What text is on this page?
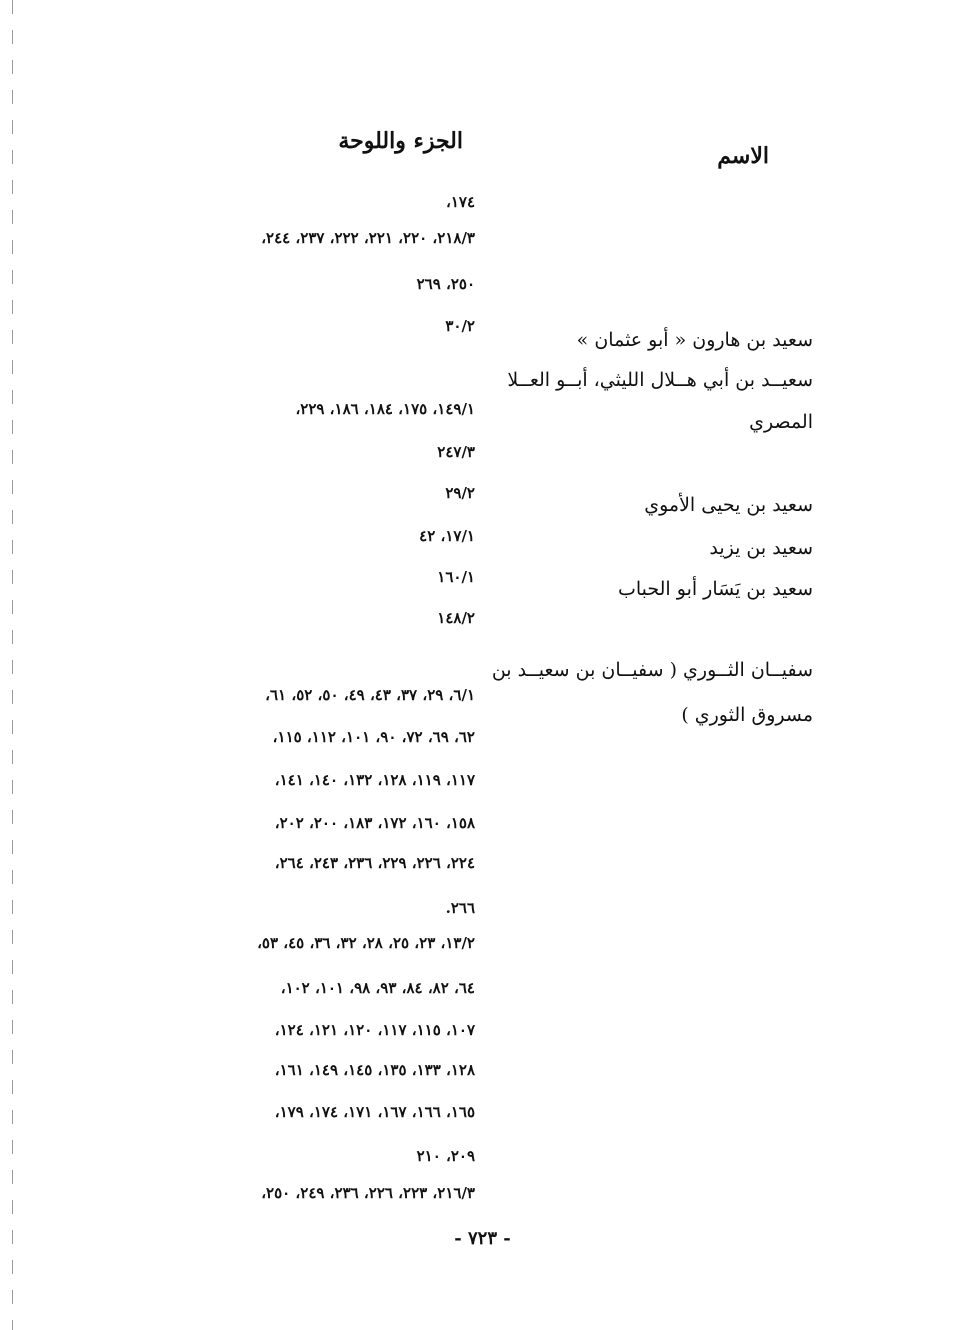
الاسم
الجزء واللوحة
سعيد بن هارون « أبو عثمان »
سعيــد بن أبي هــلال الليثي، أبــو العــلا
المصري
سعيد بن يحيى الأموي
سعيد بن يزيد
سعيد بن يَسَار أبو الحباب
سفيــان الثــوري ( سفيــان بن سعيــد بن
مسروق الثوري )
١٧٤،
٢١٨/٣، ٢٢٠، ٢٢١، ٢٢٢، ٢٣٧، ٢٤٤،
٢٥٠، ٢٦٩
٣٠/٢
١٤٩/١، ١٧٥، ١٨٤، ١٨٦، ٢٢٩،
٢٤٧/٣
٢٩/٢
١٧/١، ٤٢
١٦٠/١
١٤٨/٢
٦/١، ٢٩، ٣٧، ٤٣، ٤٩، ٥٠، ٥٢، ٦١،
٦٢، ٦٩، ٧٢، ٩٠، ١٠١، ١١٢، ١١٥،
١١٧، ١١٩، ١٢٨، ١٣٢، ١٤٠، ١٤١،
١٥٨، ١٦٠، ١٧٢، ١٨٣، ٢٠٠، ٢٠٢،
٢٢٤، ٢٢٦، ٢٢٩، ٢٣٦، ٢٤٣، ٢٦٤،
٢٦٦.
١٣/٢، ٢٣، ٢٥، ٢٨، ٣٢، ٣٦، ٤٥، ٥٣،
٦٤، ٨٢، ٨٤، ٩٣، ٩٨، ١٠١، ١٠٢،
١٠٧، ١١٥، ١١٧، ١٢٠، ١٢١، ١٢٤،
١٢٨، ١٣٣، ١٣٥، ١٤٥، ١٤٩، ١٦١،
١٦٥، ١٦٦، ١٦٧، ١٧١، ١٧٤، ١٧٩،
٢٠٩، ٢١٠
٢١٦/٣، ٢٢٣، ٢٢٦، ٢٣٦، ٢٤٩، ٢٥٠،
- ٧٢٣ -
